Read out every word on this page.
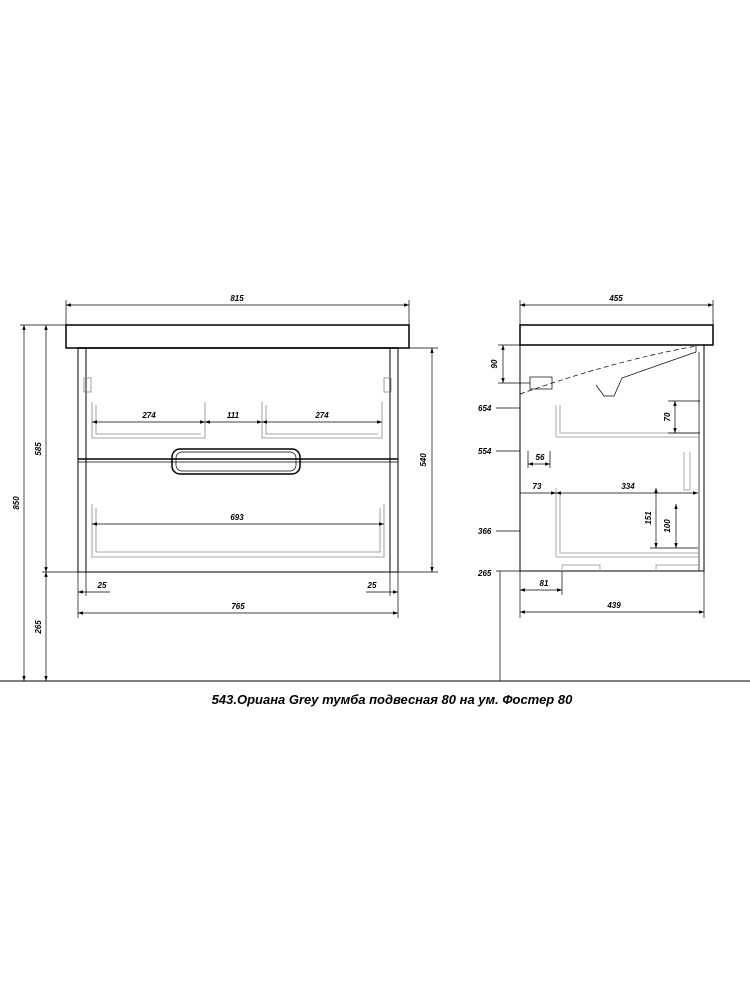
815
274	111	274
693
850
585
265
540
25	25
765
455
90
654
554
366
265
70
56
73	334
151
100
81
439
543.Ориана Grey тумба подвесная 80 на ум. Фостер 80
